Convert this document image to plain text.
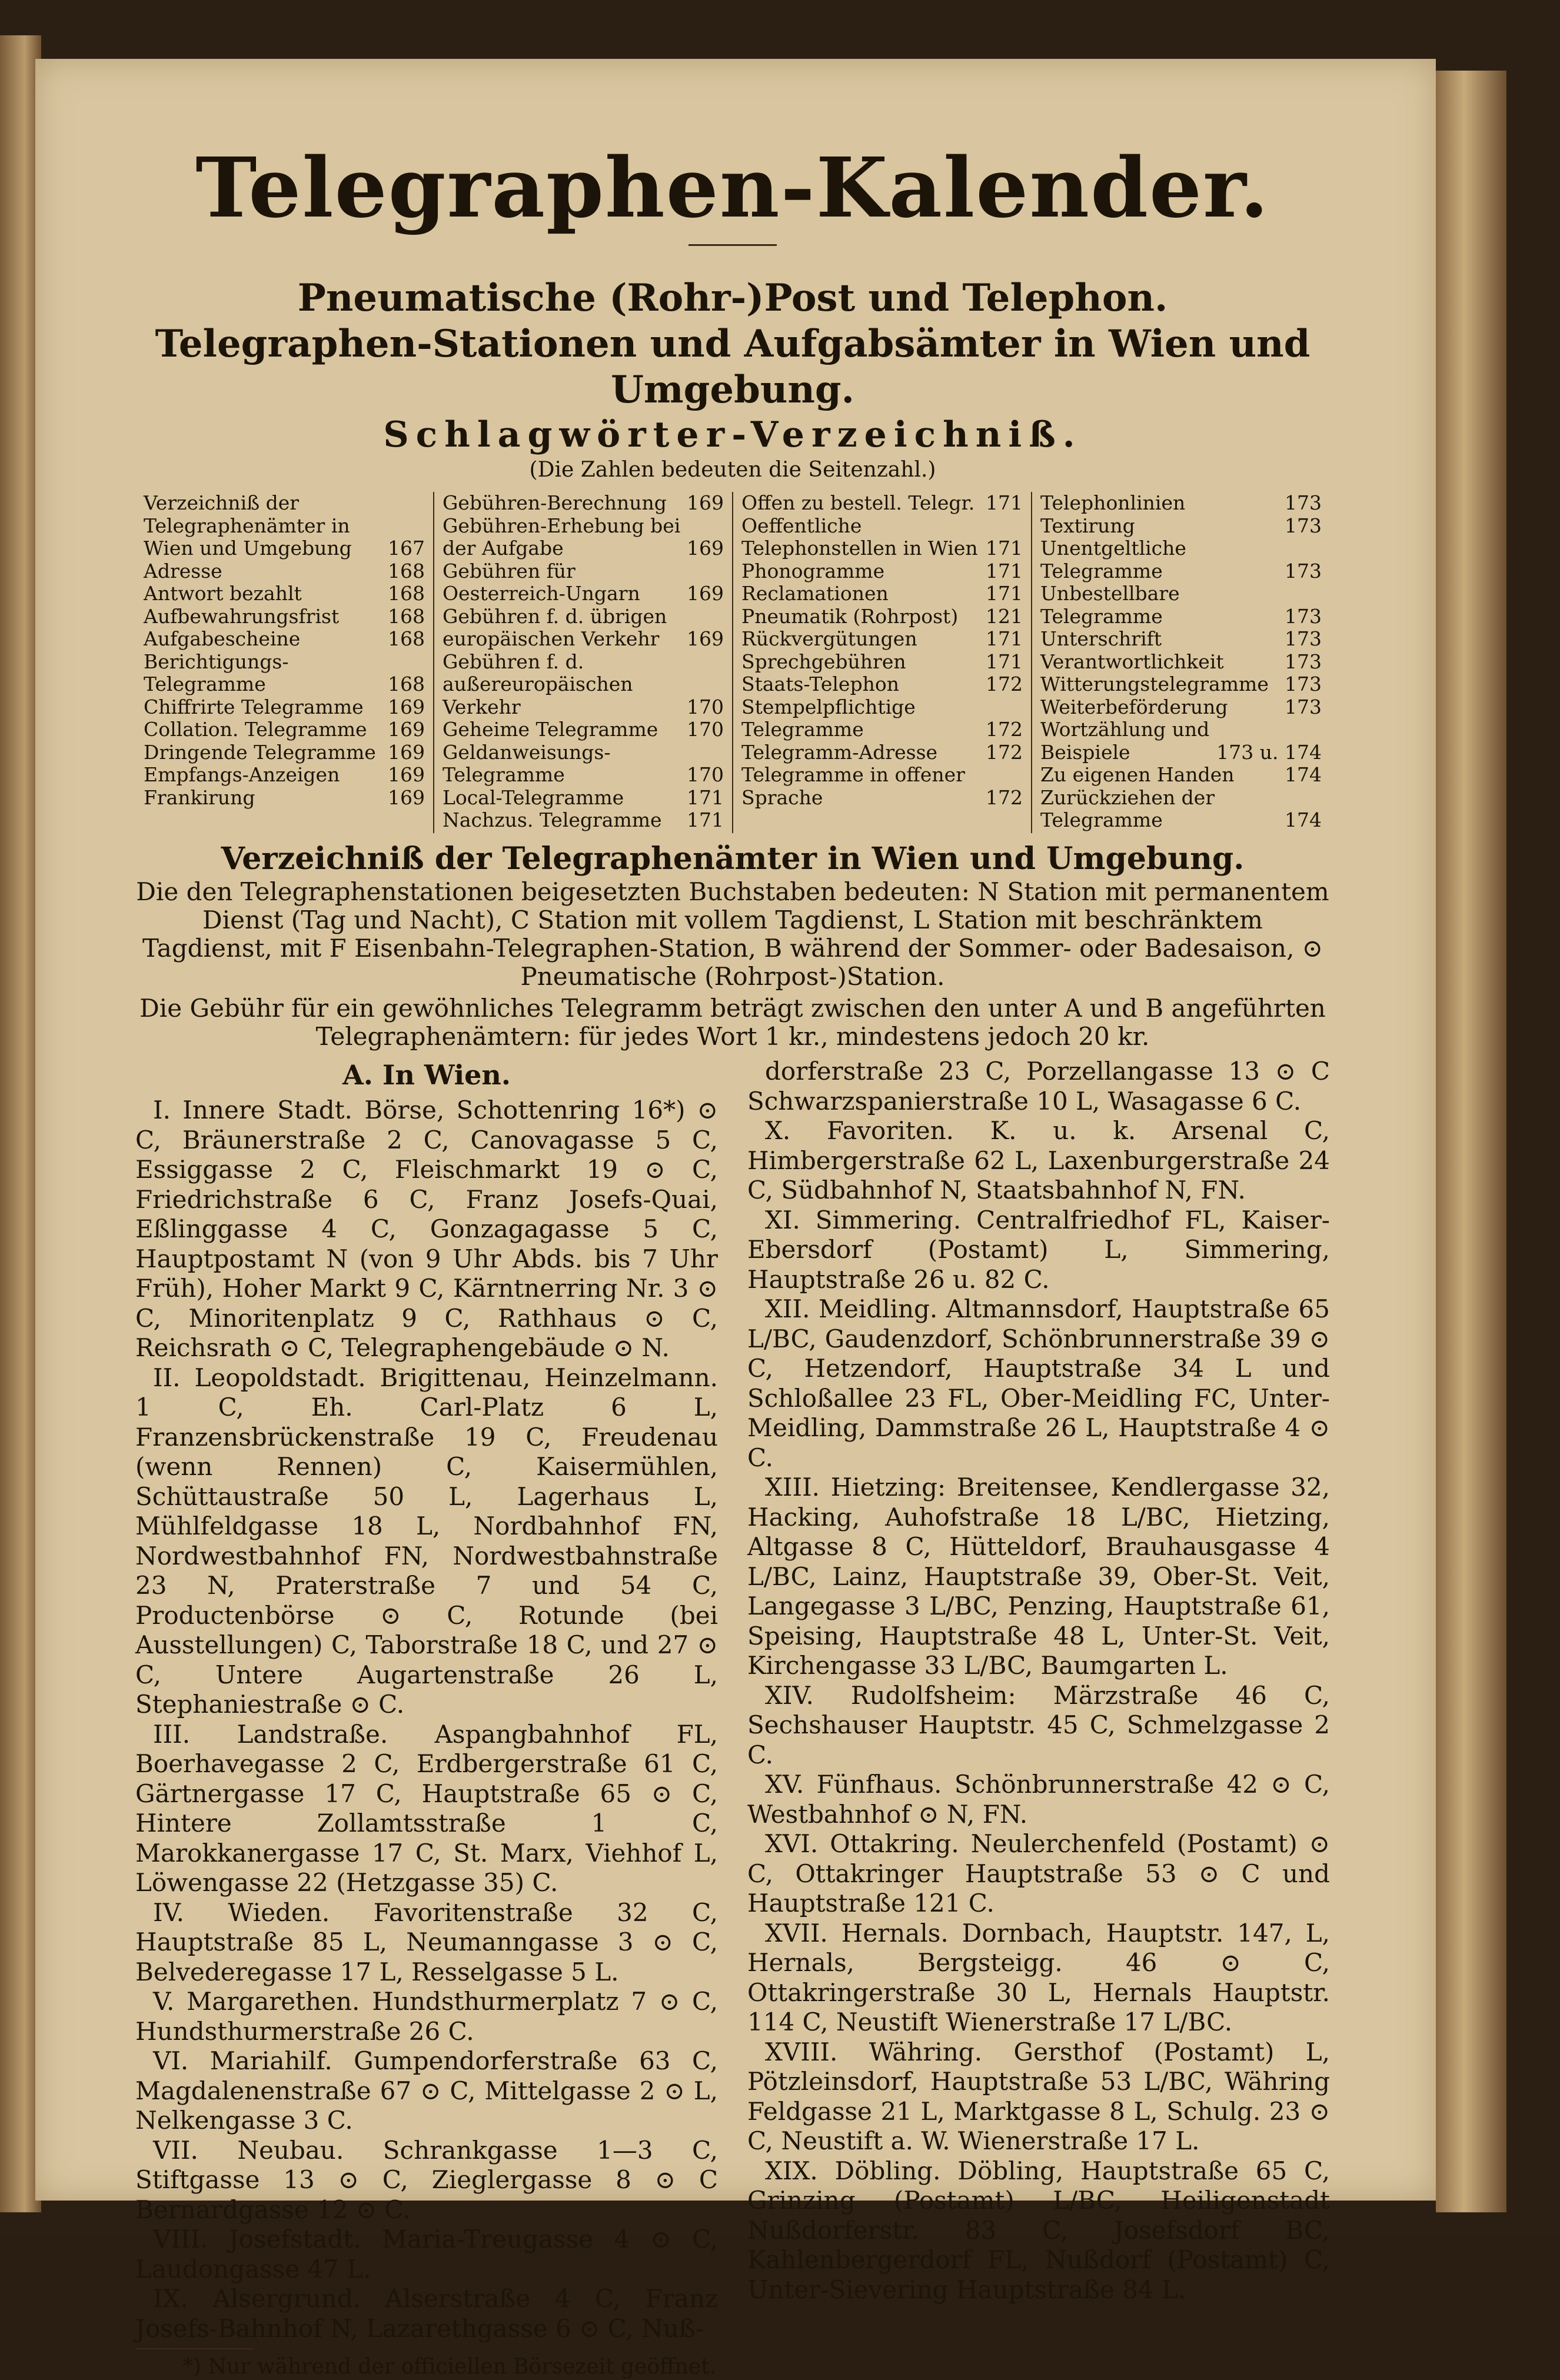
Telegraphen-Kalender.
Pneumatische (Rohr-)Post und Telephon.
Telegraphen-Stationen und Aufgabsämter in Wien und Umgebung.
Schlagwörter-Verzeichniß.
(Die Zahlen bedeuten die Seitenzahl.)
Verzeichniß der Telegraphenämter in Wien und Umgebung	167
Adresse	168
Antwort bezahlt	168
Aufbewahrungsfrist	168
Aufgabescheine	168
Berichtigungs-Telegramme	168
Chiffrirte Telegramme	169
Collation. Telegramme	169
Dringende Telegramme 169
Empfangs-Anzeigen	169
Frankirung	169
Gebühren-Berechnung	169
Gebühren-Erhebung bei der Aufgabe	169
Gebühren für Oesterreich-Ungarn	169
Gebühren f. d. übrigen europäischen Verkehr	169
Gebühren f. d. außereuropäischen Verkehr	170
Geheime Telegramme	170
Geldanweisungs-Telegramme	170
Local-Telegramme	171
Nachzus. Telegramme	171
Offen zu bestell. Telegr. 171
Oeffentliche Telephonstellen in Wien 171
Phonogramme	171
Reclamationen	171
Pneumatik (Rohrpost)	121
Rückvergütungen	171
Sprechgebühren	171
Staats-Telephon	172
Stempelpflichtige Telegramme	172
Telegramm-Adresse	172
Telegramme in offener Sprache	172
Telephonlinien	173
Textirung	173
Unentgeltliche Telegramme	173
Unbestellbare Telegramme	173
Unterschrift	173
Verantwortlichkeit	173
Witterungstelegramme 173
Weiterbeförderung	173
Wortzählung und Beispiele	173 u. 174
Zu eigenen Handen	174
Zurückziehen der Telegramme	174
Verzeichniß der Telegraphenämter in Wien und Umgebung.

Die den Telegraphenstationen beigesetzten Buchstaben bedeuten: N Station mit permanentem Dienst (Tag und Nacht), C Station mit vollem Tagdienst, L Station mit beschränktem Tagdienst, mit F Eisenbahn-Telegraphen-Station, B während der Sommer- oder Badesaison, ⊙ Pneumatische (Rohrpost-)Station.

Die Gebühr für ein gewöhnliches Telegramm beträgt zwischen den unter A und B angeführten Telegraphenämtern: für jedes Wort 1 kr., mindestens jedoch 20 kr.

A. In Wien.

I. Innere Stadt. Börse, Schottenring 16*) ⊙ C, Bräunerstraße 2 C, Canovagasse 5 C, Essiggasse 2 C, Fleischmarkt 19 ⊙ C, Friedrichstraße 6 C, Franz Josefs-Quai, Eßlinggasse 4 C, Gonzagagasse 5 C, Hauptpostamt N (von 9 Uhr Abds. bis 7 Uhr Früh), Hoher Markt 9 C, Kärntnerring Nr. 3 ⊙ C, Minoritenplatz 9 C, Rathhaus ⊙ C, Reichsrath ⊙ C, Telegraphengebäude ⊙ N.

II. Leopoldstadt. Brigittenau, Heinzelmann. 1 C, Eh. Carl-Platz 6 L, Franzensbrückenstraße 19 C, Freudenau (wenn Rennen) C, Kaisermühlen, Schüttaustraße 50 L, Lagerhaus L, Mühlfeldgasse 18 L, Nordbahnhof FN, Nordwestbahnhof FN, Nordwestbahnstraße 23 N, Praterstraße 7 und 54 C, Productenbörse ⊙ C, Rotunde (bei Ausstellungen) C, Taborstraße 18 C, und 27 ⊙ C, Untere Augartenstraße 26 L, Stephaniestraße ⊙ C.

III. Landstraße. Aspangbahnhof FL, Boerhavegasse 2 C, Erdbergerstraße 61 C, Gärtnergasse 17 C, Hauptstraße 65 ⊙ C, Hintere Zollamtsstraße 1 C, Marokkanergasse 17 C, St. Marx, Viehhof L, Löwengasse 22 (Hetzgasse 35) C.

IV. Wieden. Favoritenstraße 32 C, Hauptstraße 85 L, Neumanngasse 3 ⊙ C, Belvederegasse 17 L, Resselgasse 5 L.

V. Margarethen. Hundsthurmerplatz 7 ⊙ C, Hundsthurmerstraße 26 C.

VI. Mariahilf. Gumpendorferstraße 63 C, Magdalenenstraße 67 ⊙ C, Mittelgasse 2 ⊙ L, Nelkengasse 3 C.

VII. Neubau. Schrankgasse 1—3 C, Stiftgasse 13 ⊙ C, Zieglergasse 8 ⊙ C Bernardgasse 12 ⊙ C.

VIII. Josefstadt. Maria-Treugasse 4 ⊙ C, Laudongasse 47 L.

IX. Alsergrund. Alserstraße 4 C, Franz Josefs-Bahnhof N, Lazarethgasse 6 ⊙ C, Nuß-

dorferstraße 23 C, Porzellangasse 13 ⊙ C Schwarzspanierstraße 10 L, Wasagasse 6 C.

X. Favoriten. K. u. k. Arsenal C, Himbergerstraße 62 L, Laxenburgerstraße 24 C, Südbahnhof N, Staatsbahnhof N, FN.

XI. Simmering. Centralfriedhof FL, Kaiser-Ebersdorf (Postamt) L, Simmering, Hauptstraße 26 u. 82 C.

XII. Meidling. Altmannsdorf, Hauptstraße 65 L/BC, Gaudenzdorf, Schönbrunnerstraße 39 ⊙ C, Hetzendorf, Hauptstraße 34 L und Schloßallee 23 FL, Ober-Meidling FC, Unter-Meidling, Dammstraße 26 L, Hauptstraße 4 ⊙ C.

XIII. Hietzing: Breitensee, Kendlergasse 32, Hacking, Auhofstraße 18 L/BC, Hietzing, Altgasse 8 C, Hütteldorf, Brauhausgasse 4 L/BC, Lainz, Hauptstraße 39, Ober-St. Veit, Langegasse 3 L/BC, Penzing, Hauptstraße 61, Speising, Hauptstraße 48 L, Unter-St. Veit, Kirchengasse 33 L/BC, Baumgarten L.

XIV. Rudolfsheim: Märzstraße 46 C, Sechshauser Hauptstr. 45 C, Schmelzgasse 2 C.

XV. Fünfhaus. Schönbrunnerstraße 42 ⊙ C, Westbahnhof ⊙ N, FN.

XVI. Ottakring. Neulerchenfeld (Postamt) ⊙ C, Ottakringer Hauptstraße 53 ⊙ C und Hauptstraße 121 C.

XVII. Hernals. Dornbach, Hauptstr. 147, L, Hernals, Bergsteigg. 46 ⊙ C, Ottakringerstraße 30 L, Hernals Hauptstr. 114 C, Neustift Wienerstraße 17 L/BC.

XVIII. Währing. Gersthof (Postamt) L, Pötzleinsdorf, Hauptstraße 53 L/BC, Währing Feldgasse 21 L, Marktgasse 8 L, Schulg. 23 ⊙ C, Neustift a. W. Wienerstraße 17 L.

XIX. Döbling. Döbling, Hauptstraße 65 C, Grinzing (Postamt) L/BC, Heiligenstadt Nußdorferstr. 83 C, Josefsdorf BC, Kahlenbergerdorf FL, Nußdorf (Postamt) C, Unter-Sievering Hauptstraße 84 L.

*) Nur während der officiellen Börsezeit geöffnet.
